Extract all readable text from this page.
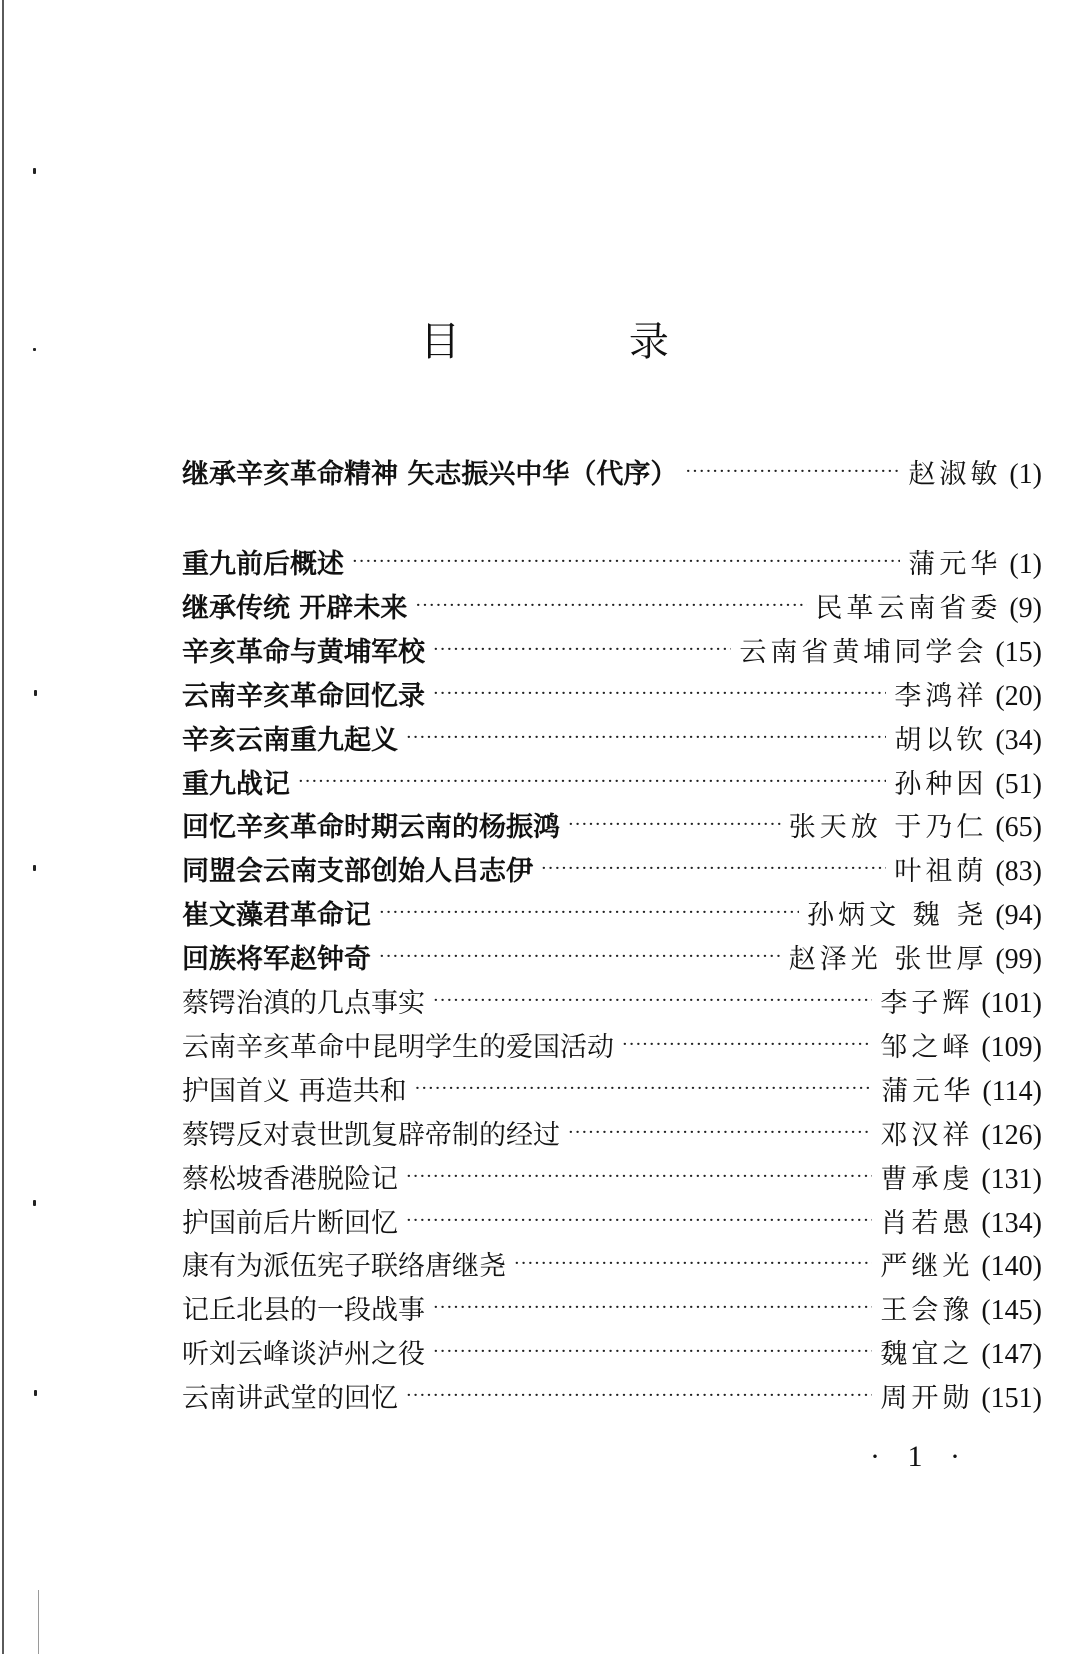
目 录
继承辛亥革命精神 矢志振兴中华（代序） ·····	赵淑敏 (1)
重九前后概述 ·····	蒲元华 (1)
继承传统 开辟未来 ·····	民革云南省委 (9)
辛亥革命与黄埔军校 ·····	云南省黄埔同学会 (15)
云南辛亥革命回忆录 ·····	李鸿祥 (20)
辛亥云南重九起义 ·····	胡以钦 (34)
重九战记 ·····	孙种因 (51)
回忆辛亥革命时期云南的杨振鸿 ·····	张天放 于乃仁 (65)
同盟会云南支部创始人吕志伊 ·····	叶祖荫 (83)
崔文藻君革命记 ·····	孙炳文 魏 尧 (94)
回族将军赵钟奇 ·····	赵泽光 张世厚 (99)
蔡锷治滇的几点事实 ·····	李子辉 (101)
云南辛亥革命中昆明学生的爱国活动 ·····	邹之峄 (109)
护国首义 再造共和 ·····	蒲元华 (114)
蔡锷反对袁世凯复辟帝制的经过 ·····	邓汉祥 (126)
蔡松坡香港脱险记 ·····	曹承虔 (131)
护国前后片断回忆 ·····	肖若愚 (134)
康有为派伍宪子联络唐继尧 ·····	严继光 (140)
记丘北县的一段战事 ·····	王会豫 (145)
听刘云峰谈泸州之役 ·····	魏宜之 (147)
云南讲武堂的回忆 ·····	周开勋 (151)
· 1 ·
